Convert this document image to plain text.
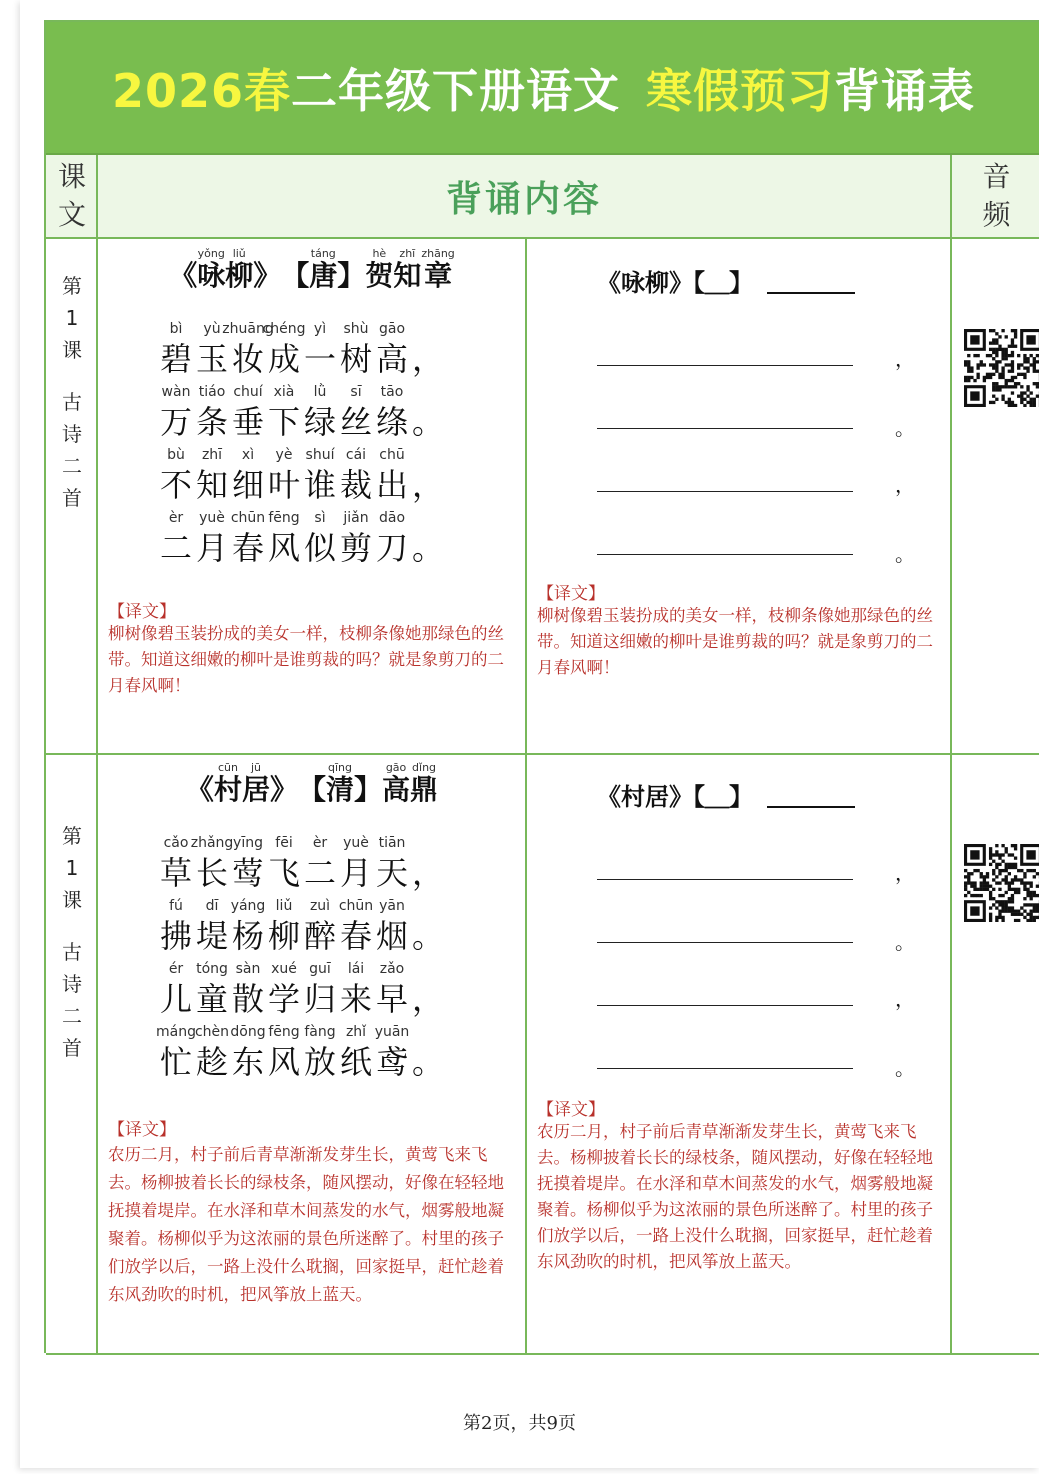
2026春 二年级下册语文 寒假预习 背诵表
课
文	背诵内容
音
频
第
1
课
古
诗
二
首
《
yǒng
咏
liǔ
柳 》 【
táng
唐 】
hè
贺
zhī
知
zhāng
章
bì
碧
yù
玉
zhuāng
妆
chéng
成
yì
一
shù
树
gāo
高 ，
wàn
万
tiáo
条
chuí
垂
xià
下
lǜ
绿
sī
丝
tāo
绦 。
bù
不
zhī
知
xì
细
yè
叶
shuí
谁
cái
裁
chū
出 ，
èr
二
yuè
月
chūn
春
fēng
风
sì
似
jiǎn
剪
dāo
刀 。
【译文】
柳树像碧玉装扮成的美女一样，枝柳条像她那绿色的丝带。知道这细嫩的柳叶是谁剪裁的吗？就是象剪刀的二月春风啊！
《咏柳》【＿】
，
。
，
。
【译文】
柳树像碧玉装扮成的美女一样，枝柳条像她那绿色的丝带。知道这细嫩的柳叶是谁剪裁的吗？就是象剪刀的二月春风啊！
第
1
课
古
诗
二
首
《
cūn
村
jū
居 》 【
qīng
清 】
gāo
高
dǐng
鼎
cǎo
草
zhǎng
长
yīng
莺
fēi
飞
èr
二
yuè
月
tiān
天 ，
fú
拂
dī
堤
yáng
杨
liǔ
柳
zuì
醉
chūn
春
yān
烟 。
ér
儿
tóng
童
sàn
散
xué
学
guī
归
lái
来
zǎo
早 ，
máng
忙
chèn
趁
dōng
东
fēng
风
fàng
放
zhǐ
纸
yuān
鸢 。
【译文】
农历二月，村子前后青草渐渐发芽生长，黄莺飞来飞去。杨柳披着长长的绿枝条，随风摆动，好像在轻轻地抚摸着堤岸。在水泽和草木间蒸发的水气，烟雾般地凝聚着。杨柳似乎为这浓丽的景色所迷醉了。村里的孩子们放学以后，一路上没什么耽搁，回家挺早，赶忙趁着东风劲吹的时机，把风筝放上蓝天。
《村居》【＿】
，
。
，
。
【译文】
农历二月，村子前后青草渐渐发芽生长，黄莺飞来飞去。杨柳披着长长的绿枝条，随风摆动，好像在轻轻地抚摸着堤岸。在水泽和草木间蒸发的水气，烟雾般地凝聚着。杨柳似乎为这浓丽的景色所迷醉了。村里的孩子们放学以后，一路上没什么耽搁，回家挺早，赶忙趁着东风劲吹的时机，把风筝放上蓝天。
第2页，共9页
